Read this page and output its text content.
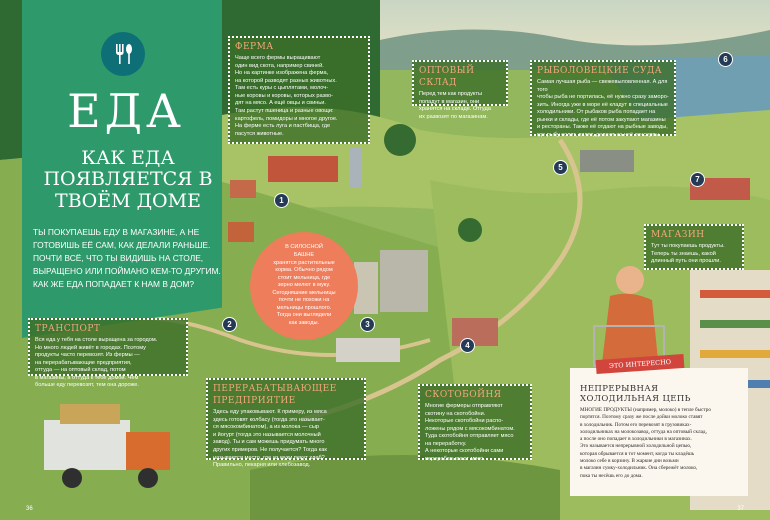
ЕДА
КАК ЕДА ПОЯВЛЯЕТСЯ В ТВОЁМ ДОМЕ
ТЫ ПОКУПАЕШЬ ЕДУ В МАГАЗИНЕ, А НЕ ГОТОВИШЬ ЕЁ САМ, КАК ДЕЛАЛИ РАНЬШЕ. ПОЧТИ ВСЁ, ЧТО ТЫ ВИДИШЬ НА СТОЛЕ, ВЫРАЩЕНО ИЛИ ПОЙМАНО КЕМ-ТО ДРУГИМ. КАК ЖЕ ЕДА ПОПАДАЕТ К НАМ В ДОМ?
ФЕРМА

Чаще всего фермы выращивают
один вид скота, например свиней.
Но на картинке изображена ферма,
на которой разводят разных животных.
Там есть куры с цыплятами, молоч-
ные коровы и коровы, которых разво-
дят на мясо. А ещё овцы и свиньи.
Там растут пшеница и разные овощи:
картофель, помидоры и многое другое.
На ферме есть луга и пастбища, где
пасутся животные.

ОПТОВЫЙ СКЛАД

Перед тем как продукты
попадут в магазин, они
хранятся на складе. Отгуда
их развозят по магазинам.

РЫБОЛОВЕЦКИЕ СУДА

Самая лучшая рыба — свежевыловленная. А для того
чтобы рыба не портилась, её нужно сразу заморо-
зить. Иногда уже в море её кладут в специальные
холодильники. От рыбаков рыба попадает на
рынки и склады, где её потом закупают магазины
и рестораны. Также её отдают на рыбные заводы,
где рыбу солят, вялят, делают из неё консервы.

МАГАЗИН

Тут ты покупаешь продукты.
Теперь ты знаешь, какой
длинный путь они прошли.

ТРАНСПОРТ

Вся еда у тебя на столе выращена за городом.
Но много людей живёт в городах. Поэтому
продукты часто перевозят. Из фермы —
на перерабатывающие предприятия,
оттуда — на оптовый склад, потом
в магазины, а оттуда к тебе домой. Чем
больше еду перевозят, тем она дороже.	ПЕРЕРАБАТЫВАЮЩЕЕ ПРЕДПРИЯТИЕ

Здесь еду упаковывают. К примеру, из мяса
здесь готовят колбасу (тогда это называет-
ся мясокомбинатом), а из молока — сыр
и йогурт (тогда это называется молочный
завод). Ты и сам можешь придумать много
других примеров. Не получается? Тогда как
называется место, где из муки пекут хлеб?
Правильно, пекарня или хлебозавод.

СКОТОБОЙНЯ

Многие фермеры отправляют
скотину на скотобойни.
Некоторые скотобойни распо-
ложены рядом с мясокомбинатом.
Туда скотобойня отправляет мясо
на переработку.
А некоторые скотобойни сами
перерабатывают мясо.

В СИЛОСНОЙ
БАШНЕ
хранятся растительные
корма. Обычно рядом
стоит мельница, где
зерно мелют в муку.
Сегодняшние мельницы
почти не похожи на
мельницы прошлого.
Тогда они выглядели
как заводы.
1
2	3
4
5
6
7
НЕПРЕРЫВНАЯ ХОЛОДИЛЬНАЯ ЦЕПЬ

МНОГИЕ ПРОДУКТЫ (например, молоко) в тепле быстро
портятся. Поэтому сразу же после дойки молоко ставят
в холодильник. Потом его перевозят в грузовиках-
холодильниках на молокозавод, оттуда на оптовый склад,
а после оно попадает в холодильники в магазинах.
Это называется непрерывной холодильной цепью,
которая обрывается в тот момент, когда ты кладёшь
молоко себе в корзину. В жаркие дни возьми
в магазин сумку-холодильник. Она сбережёт молоко,
пока ты несёшь его до дома.

ЭТО ИНТЕРЕСНО
36	37
